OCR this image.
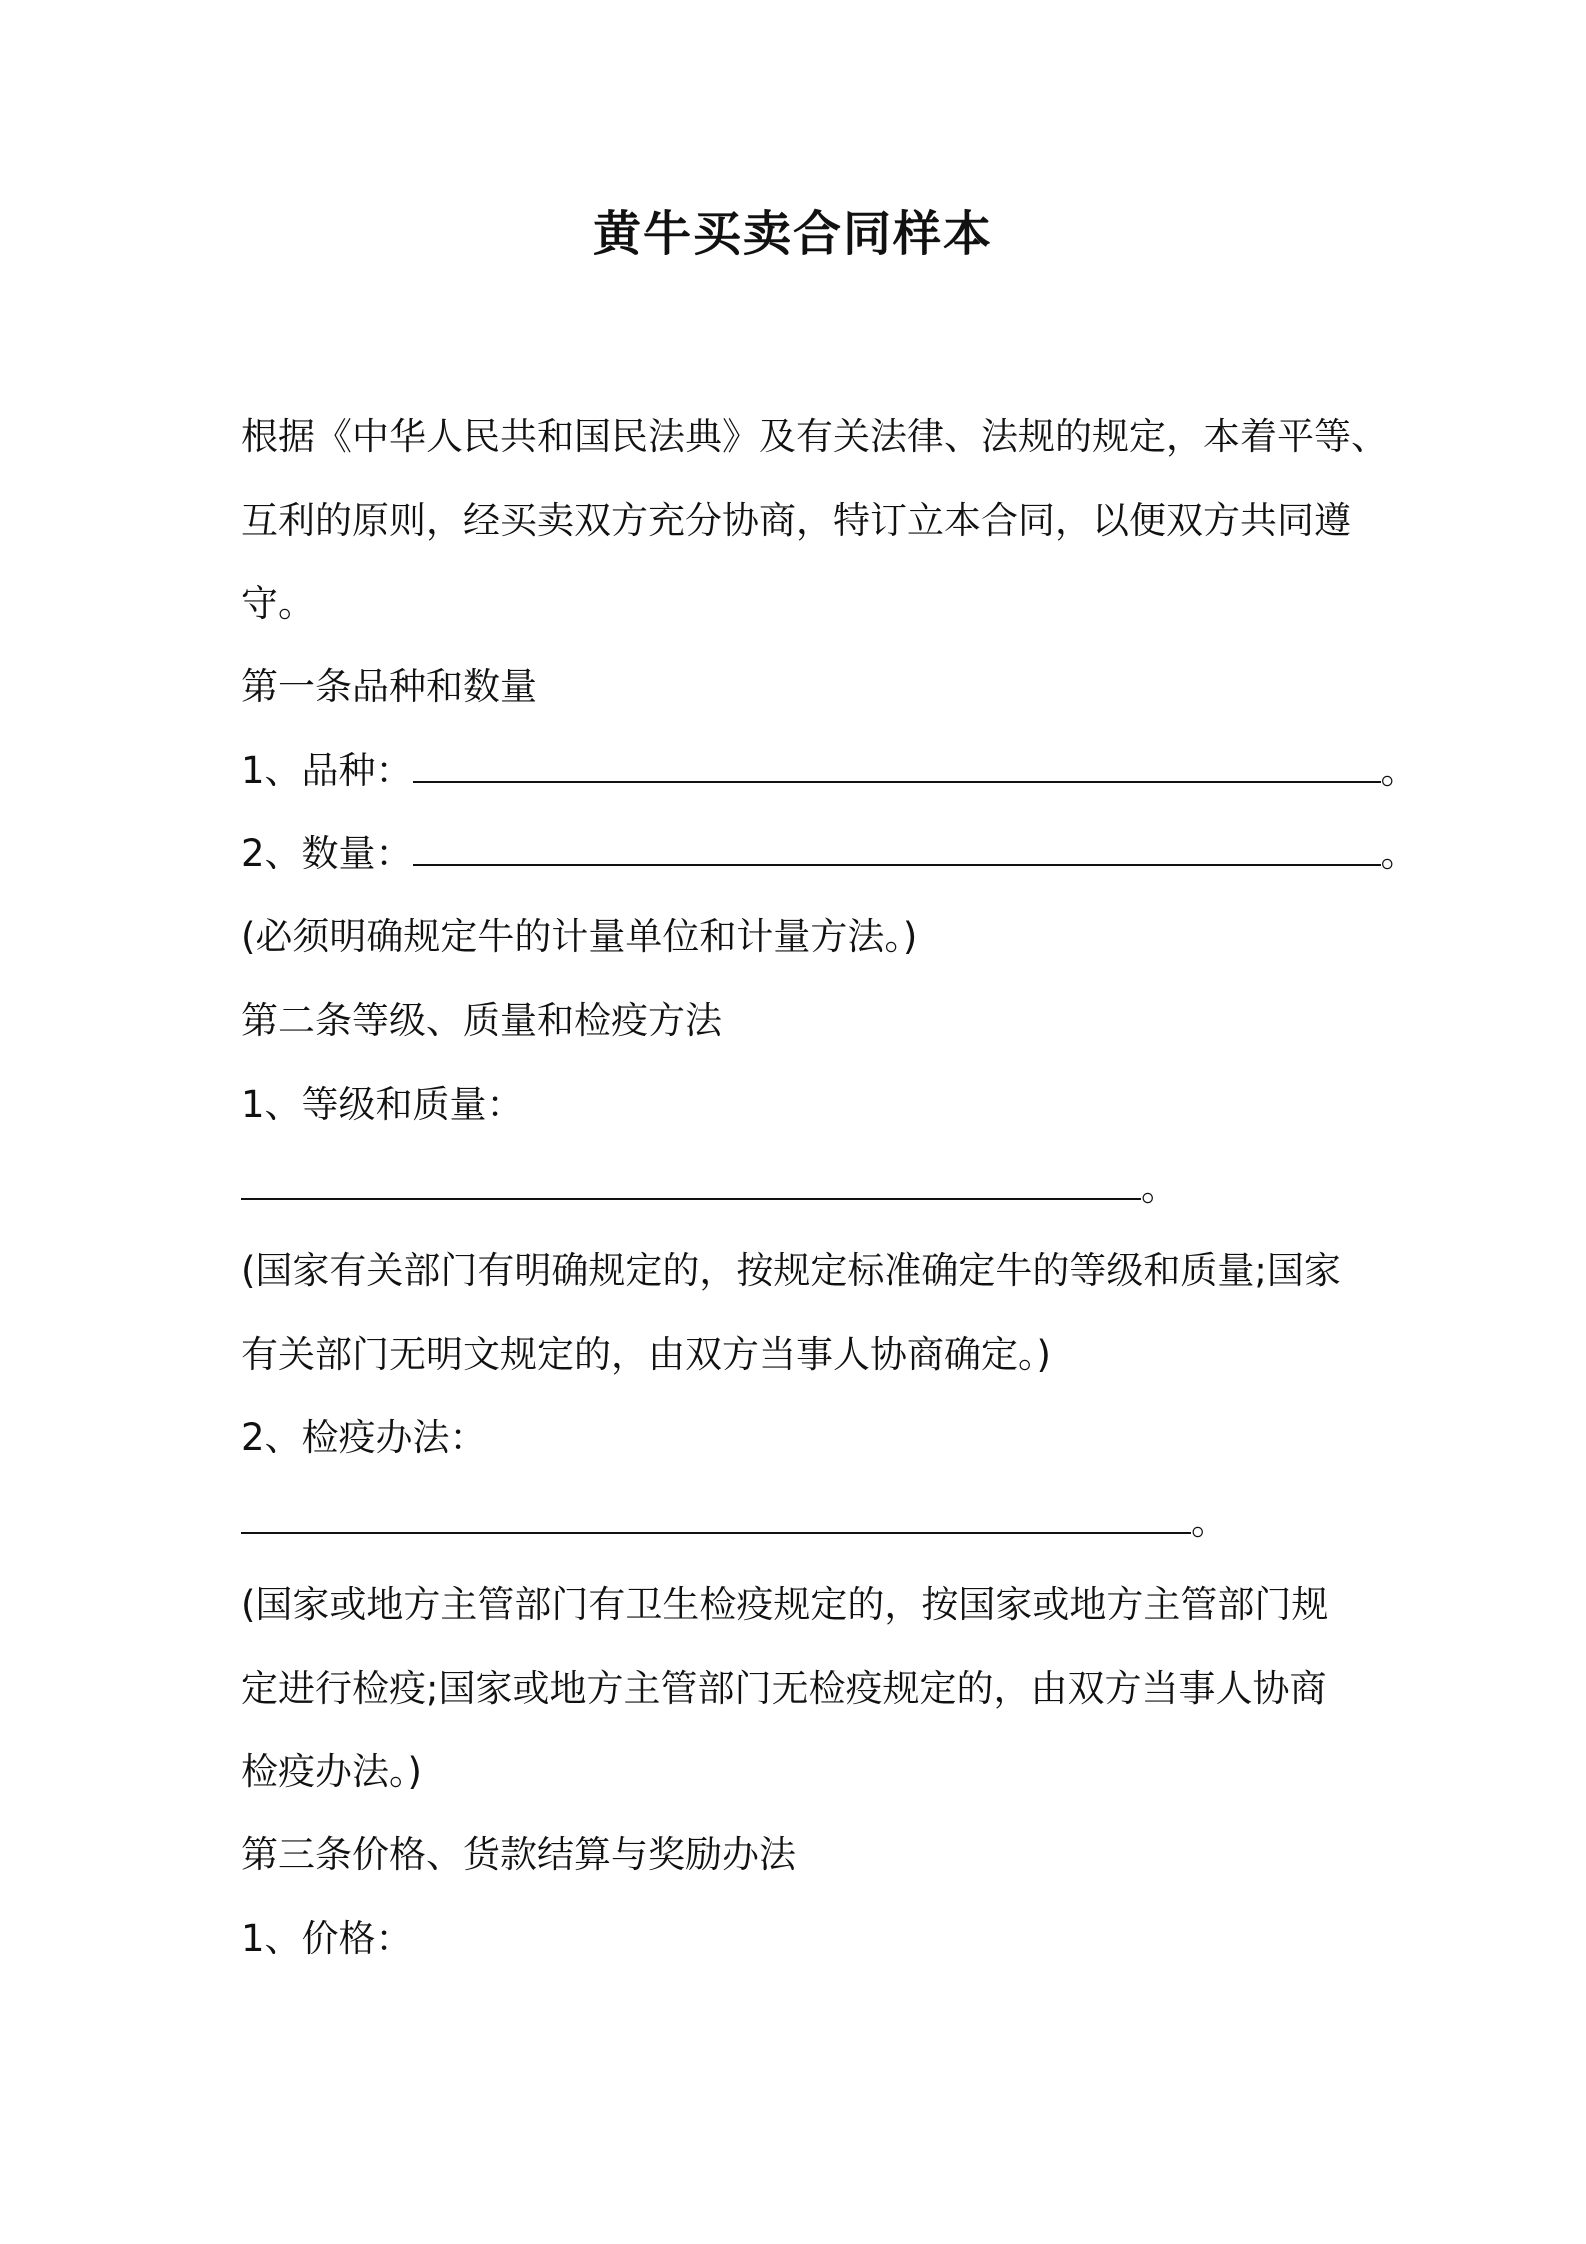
黄牛买卖合同样本
根据《中华人民共和国民法典》及有关法律、法规的规定，本着平等、
互利的原则，经买卖双方充分协商，特订立本合同，以便双方共同遵
守。
第一条品种和数量
1、品种：	。
2、数量：	。
(必须明确规定牛的计量单位和计量方法。)
第二条等级、质量和检疫方法
1、等级和质量：
。
(国家有关部门有明确规定的，按规定标准确定牛的等级和质量;国家
有关部门无明文规定的，由双方当事人协商确定。)
2、检疫办法：
。
(国家或地方主管部门有卫生检疫规定的，按国家或地方主管部门规
定进行检疫;国家或地方主管部门无检疫规定的，由双方当事人协商
检疫办法。)
第三条价格、货款结算与奖励办法
1、价格：
